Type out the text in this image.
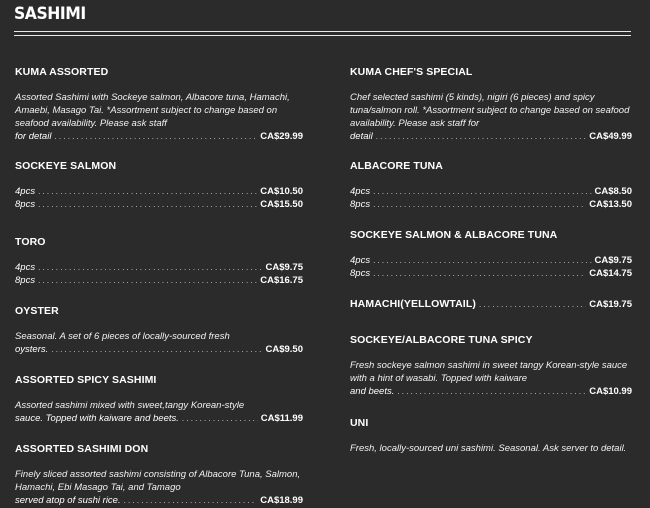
SASHIMI
KUMA ASSORTED
Assorted Sashimi with Sockeye salmon, Albacore tuna, Hamachi, Amaebi, Masago Tai. *Assortment subject to change based on seafood availability. Please ask staff
for detail .....	CA$29.99
SOCKEYE SALMON
4pcs .....	CA$10.50
8pcs .....	CA$15.50
TORO
4pcs .....	CA$9.75
8pcs .....	CA$16.75
OYSTER
Seasonal. A set of 6 pieces of locally-sourced fresh
oysters. .....	CA$9.50
ASSORTED SPICY SASHIMI
Assorted sashimi mixed with sweet,tangy Korean-style
sauce. Topped with kaiware and beets. .....	CA$11.99
ASSORTED SASHIMI DON
Finely sliced assorted sashimi consisting of Albacore Tuna, Salmon, Hamachi, Ebi Masago Tai, and Tamago
served atop of sushi rice. .....	CA$18.99
KUMA CHEF'S SPECIAL
Chef selected sashimi (5 kinds), nigiri (6 pieces) and spicy tuna/salmon roll. *Assortment subject to change based on seafood availability. Please ask staff for
detail .....	CA$49.99
ALBACORE TUNA
4pcs .....	CA$8.50
8pcs .....	CA$13.50
SOCKEYE SALMON & ALBACORE TUNA
4pcs .....	CA$9.75
8pcs .....	CA$14.75
HAMACHI(YELLOWTAIL) .....	CA$19.75
SOCKEYE/ALBACORE TUNA SPICY
Fresh sockeye salmon sashimi in sweet tangy Korean-style sauce with a hint of wasabi. Topped with kaiware
and beets. .....	CA$10.99
UNI
Fresh, locally-sourced uni sashimi. Seasonal. Ask server to detail.
